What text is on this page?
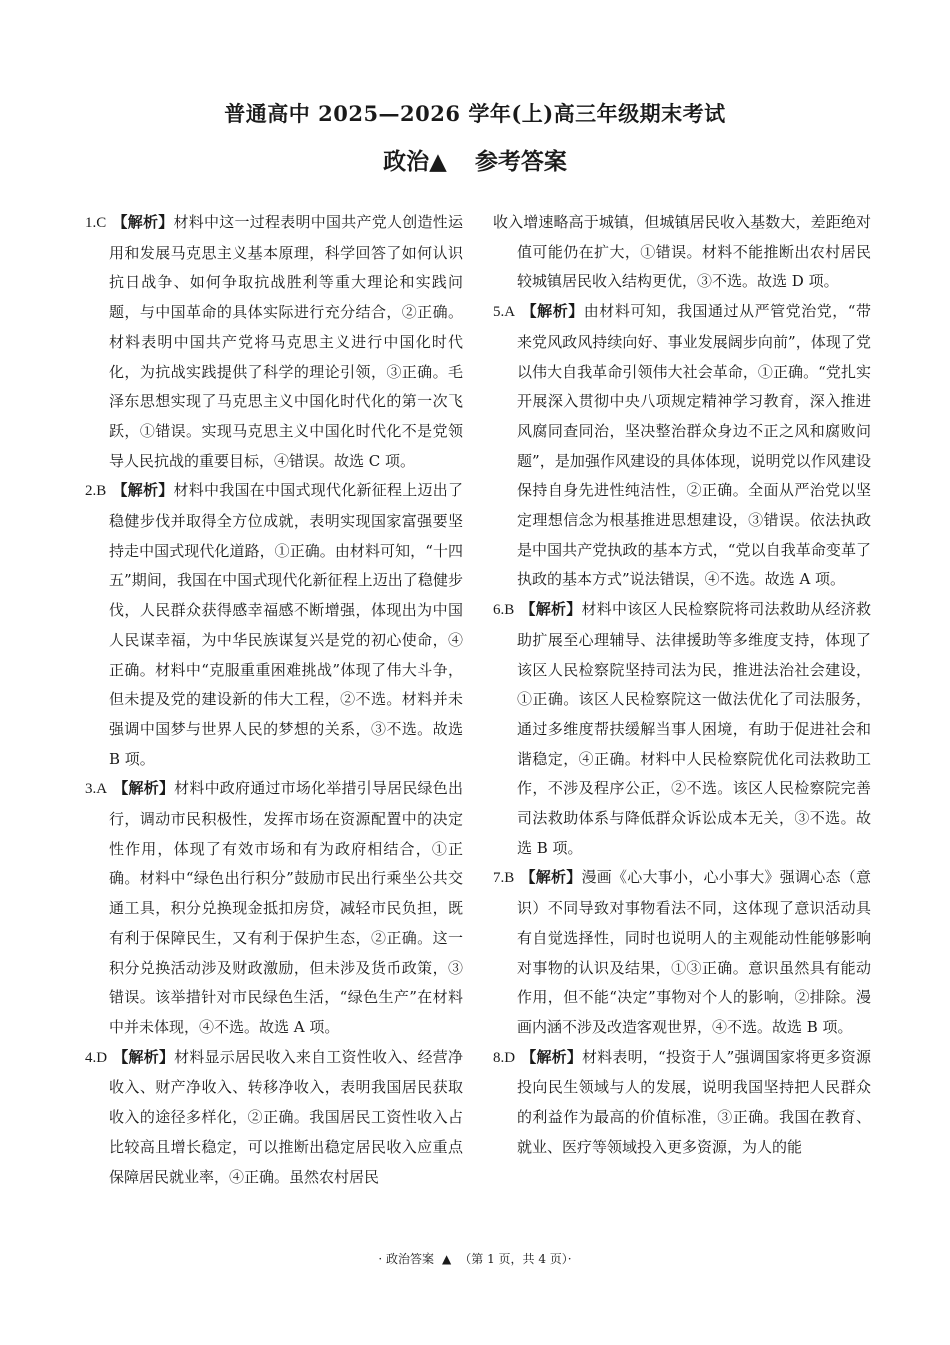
普通高中 2025—2026 学年(上)高三年级期末考试
政治▲ 参考答案

1.C 【解析】材料中这一过程表明中国共产党人创造性运用和发展马克思主义基本原理，科学回答了如何认识抗日战争、如何争取抗战胜利等重大理论和实践问题，与中国革命的具体实际进行充分结合，②正确。材料表明中国共产党将马克思主义进行中国化时代化，为抗战实践提供了科学的理论引领，③正确。毛泽东思想实现了马克思主义中国化时代化的第一次飞跃，①错误。实现马克思主义中国化时代化不是党领导人民抗战的重要目标，④错误。故选 C 项。

2.B 【解析】材料中我国在中国式现代化新征程上迈出了稳健步伐并取得全方位成就，表明实现国家富强要坚持走中国式现代化道路，①正确。由材料可知，“十四五”期间，我国在中国式现代化新征程上迈出了稳健步伐，人民群众获得感幸福感不断增强，体现出为中国人民谋幸福，为中华民族谋复兴是党的初心使命，④正确。材料中“克服重重困难挑战”体现了伟大斗争，但未提及党的建设新的伟大工程，②不选。材料并未强调中国梦与世界人民的梦想的关系，③不选。故选 B 项。

3.A 【解析】材料中政府通过市场化举措引导居民绿色出行，调动市民积极性，发挥市场在资源配置中的决定性作用，体现了有效市场和有为政府相结合，①正确。材料中“绿色出行积分”鼓励市民出行乘坐公共交通工具，积分兑换现金抵扣房贷，减轻市民负担，既有利于保障民生，又有利于保护生态，②正确。这一积分兑换活动涉及财政激励，但未涉及货币政策，③错误。该举措针对市民绿色生活，“绿色生产”在材料中并未体现，④不选。故选 A 项。

4.D 【解析】材料显示居民收入来自工资性收入、经营净收入、财产净收入、转移净收入，表明我国居民获取收入的途径多样化，②正确。我国居民工资性收入占比较高且增长稳定，可以推断出稳定居民收入应重点保障居民就业率，④正确。虽然农村居民

收入增速略高于城镇，但城镇居民收入基数大，差距绝对值可能仍在扩大，①错误。材料不能推断出农村居民较城镇居民收入结构更优，③不选。故选 D 项。

5.A 【解析】由材料可知，我国通过从严管党治党，“带来党风政风持续向好、事业发展阔步向前”，体现了党以伟大自我革命引领伟大社会革命，①正确。“党扎实开展深入贯彻中央八项规定精神学习教育，深入推进风腐同查同治，坚决整治群众身边不正之风和腐败问题”，是加强作风建设的具体体现，说明党以作风建设保持自身先进性纯洁性，②正确。全面从严治党以坚定理想信念为根基推进思想建设，③错误。依法执政是中国共产党执政的基本方式，“党以自我革命变革了执政的基本方式”说法错误，④不选。故选 A 项。

6.B 【解析】材料中该区人民检察院将司法救助从经济救助扩展至心理辅导、法律援助等多维度支持，体现了该区人民检察院坚持司法为民，推进法治社会建设，①正确。该区人民检察院这一做法优化了司法服务，通过多维度帮扶缓解当事人困境，有助于促进社会和谐稳定，④正确。材料中人民检察院优化司法救助工作，不涉及程序公正，②不选。该区人民检察院完善司法救助体系与降低群众诉讼成本无关，③不选。故选 B 项。

7.B 【解析】漫画《心大事小，心小事大》强调心态（意识）不同导致对事物看法不同，这体现了意识活动具有自觉选择性，同时也说明人的主观能动性能够影响对事物的认识及结果，①③正确。意识虽然具有能动作用，但不能“决定”事物对个人的影响，②排除。漫画内涵不涉及改造客观世界，④不选。故选 B 项。

8.D 【解析】材料表明，“投资于人”强调国家将更多资源投向民生领域与人的发展，说明我国坚持把人民群众的利益作为最高的价值标准，③正确。我国在教育、就业、医疗等领域投入更多资源，为人的能

· 政治答案 ▲ （第 1 页，共 4 页）·
